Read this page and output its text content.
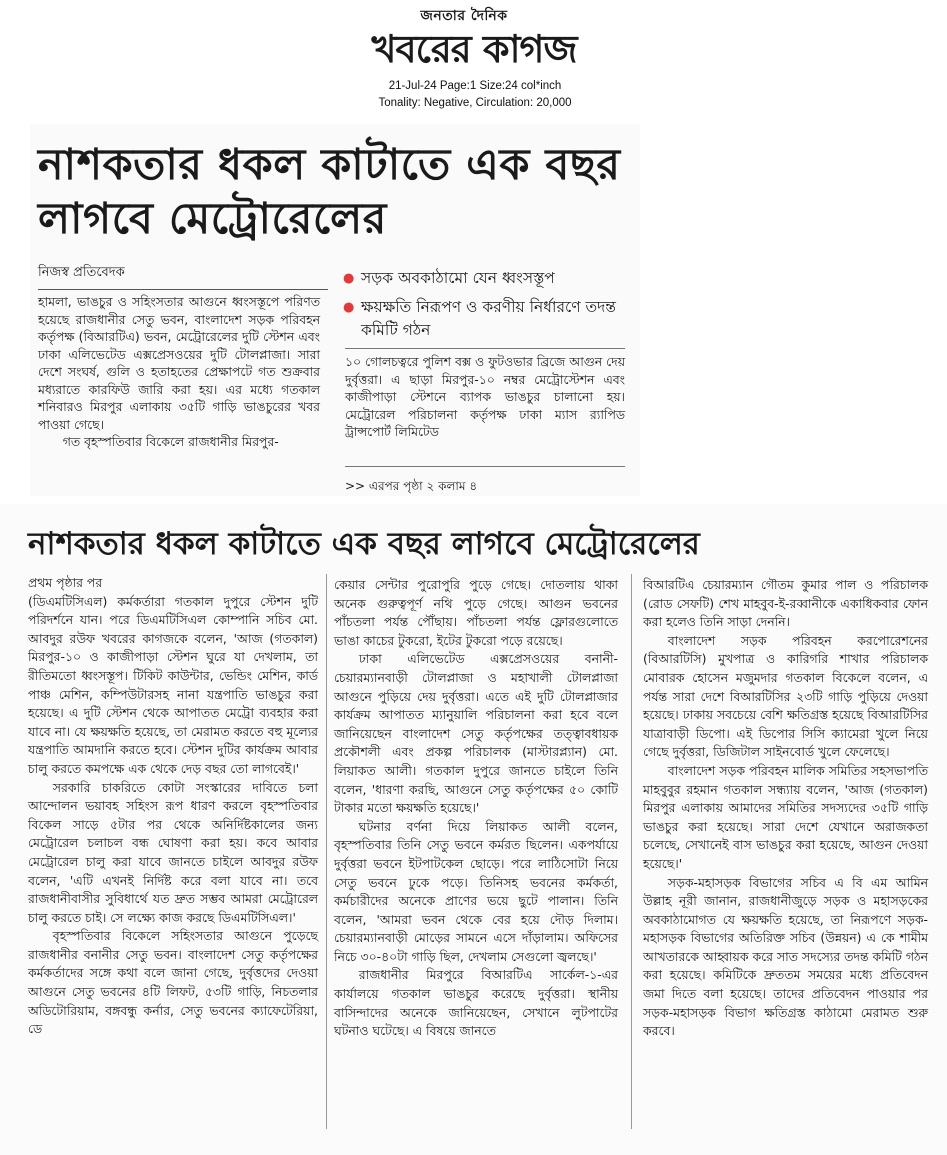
জনতার দৈনিক
খবরের কাগজ
21-Jul-24 Page:1 Size:24 col*inch
Tonality: Negative, Circulation: 20,000
নাশকতার ধকল কাটাতে এক বছর লাগবে মেট্রোরেলের
নিজস্ব প্রতিবেদক

হামলা, ভাঙচুর ও সহিংসতার আগুনে ধ্বংসস্তূপে পরিণত হয়েছে রাজধানীর সেতু ভবন, বাংলাদেশ সড়ক পরিবহন কর্তৃপক্ষ (বিআরটিএ) ভবন, মেট্রোরেলের দুটি স্টেশন এবং ঢাকা এলিভেটেড এক্সপ্রেসওয়ের দুটি টোলপ্লাজা। সারা দেশে সংঘর্ষ, গুলি ও হতাহতের প্রেক্ষাপটে গত শুক্রবার মধ্যরাতে কারফিউ জারি করা হয়। এর মধ্যে গতকাল শনিবারও মিরপুর এলাকায় ৩৫টি গাড়ি ভাঙচুরের খবর পাওয়া গেছে।

গত বৃহস্পতিবার বিকেলে রাজধানীর মিরপুর-

● সড়ক অবকাঠামো যেন ধ্বংসস্তূপ
● ক্ষয়ক্ষতি নিরূপণ ও করণীয় নির্ধারণে তদন্ত কমিটি গঠন
১০ গোলচত্বরে পুলিশ বক্স ও ফুটওভার ব্রিজে আগুন দেয় দুর্বৃত্তরা। এ ছাড়া মিরপুর-১০ নম্বর মেট্রোস্টেশন এবং কাজীপাড়া স্টেশনে ব্যাপক ভাঙচুর চালানো হয়। মেট্রোরেল পরিচালনা কর্তৃপক্ষ ঢাকা ম্যাস র‍্যাপিড ট্রান্সপোর্ট লিমিটেড
>> এরপর পৃষ্ঠা ২ কলাম ৪
নাশকতার ধকল কাটাতে এক বছর লাগবে মেট্রোরেলের

প্রথম পৃষ্ঠার পর

(ডিএমটিসিএল) কর্মকর্তারা গতকাল দুপুরে স্টেশন দুটি পরিদর্শনে যান। পরে ডিএমটিসিএল কোম্পানি সচিব মো. আবদুর রউফ খবরের কাগজকে বলেন, 'আজ (গতকাল) মিরপুর-১০ ও কাজীপাড়া স্টেশন ঘুরে যা দেখলাম, তা রীতিমতো ধ্বংসস্তূপ। টিকিট কাউন্টার, ভেন্ডিং মেশিন, কার্ড পাঞ্চ মেশিন, কম্পিউটারসহ নানা যন্ত্রপাতি ভাঙচুর করা হয়েছে। এ দুটি স্টেশন থেকে আপাতত মেট্রো ব্যবহার করা যাবে না। যে ক্ষয়ক্ষতি হয়েছে, তা মেরামত করতে বহু মূল্যের যন্ত্রপাতি আমদানি করতে হবে। স্টেশন দুটির কার্যক্রম আবার চালু করতে কমপক্ষে এক থেকে দেড় বছর তো লাগবেই।'

সরকারি চাকরিতে কোটা সংস্কারের দাবিতে চলা আন্দোলন ভয়াবহ সহিংস রূপ ধারণ করলে বৃহস্পতিবার বিকেল সাড়ে ৫টার পর থেকে অনির্দিষ্টকালের জন্য মেট্রোরেল চলাচল বন্ধ ঘোষণা করা হয়। কবে আবার মেট্রোরেল চালু করা যাবে জানতে চাইলে আবদুর রউফ বলেন, 'এটি এখনই নির্দিষ্ট করে বলা যাবে না। তবে রাজধানীবাসীর সুবিধার্থে যত দ্রুত সম্ভব আমরা মেট্রোরেল চালু করতে চাই। সে লক্ষ্যে কাজ করছে ডিএমটিসিএল।'

বৃহস্পতিবার বিকেলে সহিংসতার আগুনে পুড়েছে রাজধানীর বনানীর সেতু ভবন। বাংলাদেশ সেতু কর্তৃপক্ষের কর্মকর্তাদের সঙ্গে কথা বলে জানা গেছে, দুর্বৃত্তদের দেওয়া আগুনে সেতু ভবনের ৪টি লিফট, ৫৩টি গাড়ি, নিচতলার অডিটোরিয়াম, বঙ্গবন্ধু কর্নার, সেতু ভবনের ক্যাফেটেরিয়া, ডে

কেয়ার সেন্টার পুরোপুরি পুড়ে গেছে। দোতলায় থাকা অনেক গুরুত্বপূর্ণ নথি পুড়ে গেছে। আগুন ভবনের পাঁচতলা পর্যন্ত পৌঁছায়। পাঁচতলা পর্যন্ত ফ্লোরগুলোতে ভাঙা কাচের টুকরো, ইটের টুকরো পড়ে রয়েছে।

ঢাকা এলিভেটেড এক্সপ্রেসওয়ের বনানী-চেয়ারম্যানবাড়ী টোলপ্লাজা ও মহাখালী টোলপ্লাজা আগুনে পুড়িয়ে দেয় দুর্বৃত্তরা। এতে এই দুটি টোলপ্লাজার কার্যক্রম আপাতত ম্যানুয়ালি পরিচালনা করা হবে বলে জানিয়েছেন বাংলাদেশ সেতু কর্তৃপক্ষের তত্ত্বাবধায়ক প্রকৌশলী এবং প্রকল্প পরিচালক (মাস্টারপ্ল্যান) মো. লিয়াকত আলী। গতকাল দুপুরে জানতে চাইলে তিনি বলেন, 'ধারণা করছি, আগুনে সেতু কর্তৃপক্ষের ৫০ কোটি টাকার মতো ক্ষয়ক্ষতি হয়েছে।'

ঘটনার বর্ণনা দিয়ে লিয়াকত আলী বলেন, বৃহস্পতিবার তিনি সেতু ভবনে কর্মরত ছিলেন। একপর্যায়ে দুর্বৃত্তরা ভবনে ইটপাটকেল ছোড়ে। পরে লাঠিসোটা নিয়ে সেতু ভবনে ঢুকে পড়ে। তিনিসহ ভবনের কর্মকর্তা, কর্মচারীদের অনেকে প্রাণের ভয়ে ছুটে পালান। তিনি বলেন, 'আমরা ভবন থেকে বের হয়ে দৌড় দিলাম। চেয়ারম্যানবাড়ী মোড়ের সামনে এসে দাঁড়ালাম। অফিসের নিচে ৩০-৪০টা গাড়ি ছিল, দেখলাম সেগুলো জ্বলছে।'

রাজধানীর মিরপুরে বিআরটিএ সার্কেল-১-এর কার্যালয়ে গতকাল ভাঙচুর করেছে দুর্বৃত্তরা। স্থানীয় বাসিন্দাদের অনেকে জানিয়েছেন, সেখানে লুটপাটের ঘটনাও ঘটেছে। এ বিষয়ে জানতে

বিআরটিএ চেয়ারম্যান গৌতম কুমার পাল ও পরিচালক (রোড সেফটি) শেখ মাহবুব-ই-রব্বানীকে একাধিকবার ফোন করা হলেও তিনি সাড়া দেননি।

বাংলাদেশ সড়ক পরিবহন করপোরেশনের (বিআরটিসি) মুখপাত্র ও কারিগরি শাখার পরিচালক মোবারক হোসেন মজুমদার গতকাল বিকেলে বলেন, এ পর্যন্ত সারা দেশে বিআরটিসির ২৩টি গাড়ি পুড়িয়ে দেওয়া হয়েছে। ঢাকায় সবচেয়ে বেশি ক্ষতিগ্রস্ত হয়েছে বিআরটিসির যাত্রাবাড়ী ডিপো। এই ডিপোর সিসি ক্যামেরা খুলে নিয়ে গেছে দুর্বৃত্তরা, ডিজিটাল সাইনবোর্ড খুলে ফেলেছে।

বাংলাদেশ সড়ক পরিবহন মালিক সমিতির সহসভাপতি মাহবুবুর রহমান গতকাল সন্ধ্যায় বলেন, 'আজ (গতকাল) মিরপুর এলাকায় আমাদের সমিতির সদস্যদের ৩৫টি গাড়ি ভাঙচুর করা হয়েছে। সারা দেশে যেখানে অরাজকতা চলেছে, সেখানেই বাস ভাঙচুর করা হয়েছে, আগুন দেওয়া হয়েছে।'

সড়ক-মহাসড়ক বিভাগের সচিব এ বি এম আমিন উল্লাহ নূরী জানান, রাজধানীজুড়ে সড়ক ও মহাসড়কের অবকাঠামোগত যে ক্ষয়ক্ষতি হয়েছে, তা নিরূপণে সড়ক-মহাসড়ক বিভাগের অতিরিক্ত সচিব (উন্নয়ন) এ কে শামীম আখতারকে আহ্বায়ক করে সাত সদস্যের তদন্ত কমিটি গঠন করা হয়েছে। কমিটিকে দ্রুততম সময়ের মধ্যে প্রতিবেদন জমা দিতে বলা হয়েছে। তাদের প্রতিবেদন পাওয়ার পর সড়ক-মহাসড়ক বিভাগ ক্ষতিগ্রস্ত কাঠামো মেরামত শুরু করবে।
